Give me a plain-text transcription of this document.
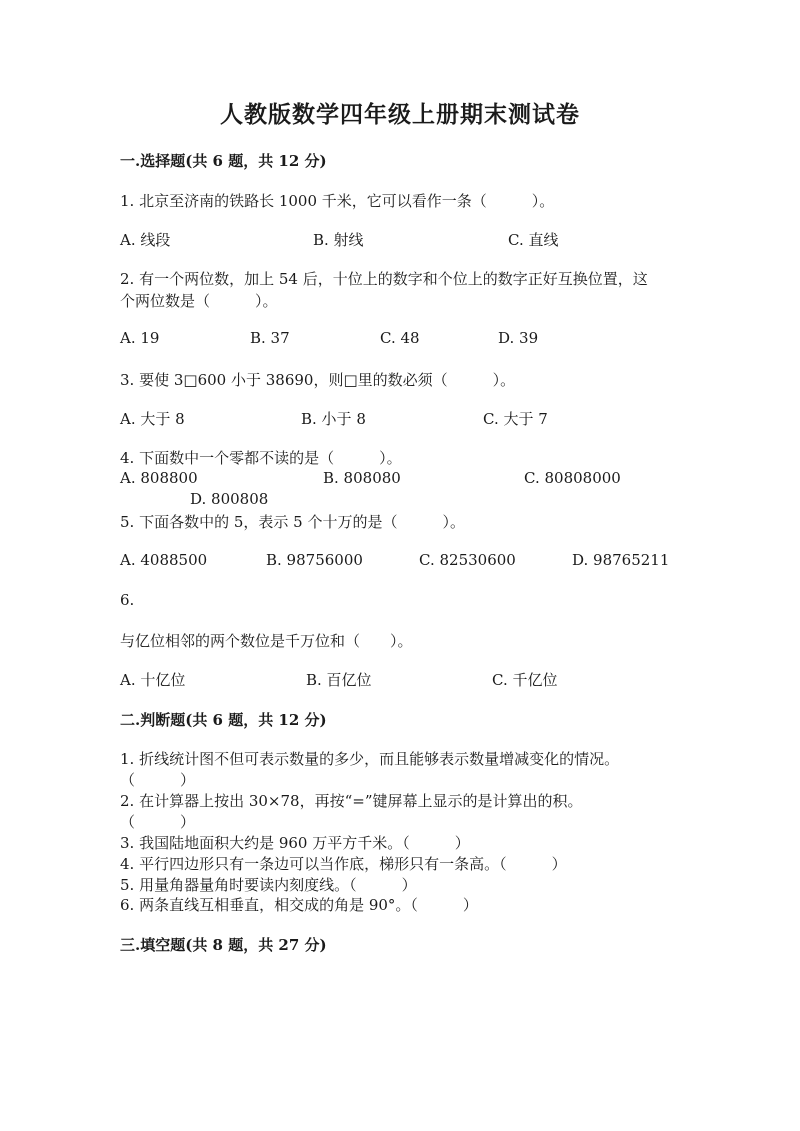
人教版数学四年级上册期末测试卷
一.选择题(共 6 题，共 12 分)
1. 北京至济南的铁路长 1000 千米，它可以看作一条（　　　）。
A. 线段	B. 射线	C. 直线
2. 有一个两位数，加上 54 后，十位上的数字和个位上的数字正好互换位置，这
个两位数是（　　　）。
A. 19	B. 37	C. 48	D. 39
3. 要使 3□600 小于 38690，则□里的数必须（　　　）。
A. 大于 8	B. 小于 8	C. 大于 7
4. 下面数中一个零都不读的是（　　　）。
A. 808800	B. 808080	C. 80808000
D. 800808
5. 下面各数中的 5，表示 5 个十万的是（　　　）。
A. 4088500	B. 98756000	C. 82530600	D. 98765211
6.
与亿位相邻的两个数位是千万位和（　　）。
A. 十亿位	B. 百亿位	C. 千亿位
二.判断题(共 6 题，共 12 分)
1. 折线统计图不但可表示数量的多少，而且能够表示数量增减变化的情况。
（　　　）
2. 在计算器上按出 30×78，再按“=”键屏幕上显示的是计算出的积。
（　　　）
3. 我国陆地面积大约是 960 万平方千米。（　　　）
4. 平行四边形只有一条边可以当作底，梯形只有一条高。（　　　）
5. 用量角器量角时要读内刻度线。（　　　）
6. 两条直线互相垂直，相交成的角是 90°。（　　　）
三.填空题(共 8 题，共 27 分)
